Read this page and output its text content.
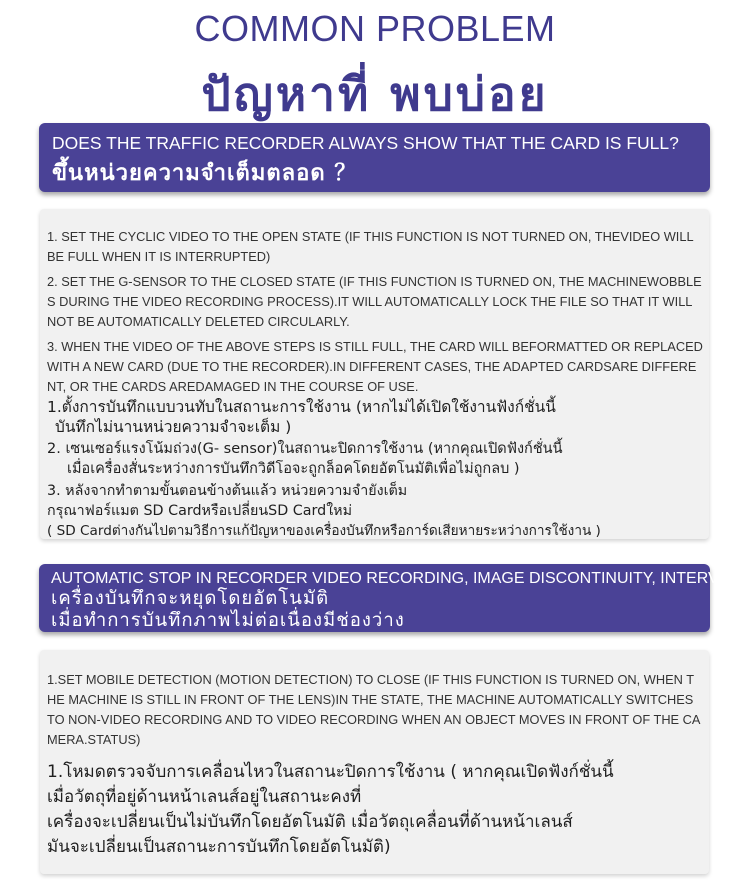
COMMON PROBLEM
ปัญหาที่ พบบ่อย
DOES THE TRAFFIC RECORDER ALWAYS SHOW THAT THE CARD IS FULL?
ขึ้นหน่วยความจำเต็มตลอด ？

1. SET THE CYCLIC VIDEO TO THE OPEN STATE (IF THIS FUNCTION IS NOT TURNED ON, THEVIDEO WILL BE FULL WHEN IT IS INTERRUPTED)

2. SET THE G-SENSOR TO THE CLOSED STATE (IF THIS FUNCTION IS TURNED ON, THE MACHINEWOBBLES DURING THE VIDEO RECORDING PROCESS).IT WILL AUTOMATICALLY LOCK THE FILE SO THAT IT WILL NOT BE AUTOMATICALLY DELETED CIRCULARLY.

3. WHEN THE VIDEO OF THE ABOVE STEPS IS STILL FULL, THE CARD WILL BEFORMATTED OR REPLACED WITH A NEW CARD (DUE TO THE RECORDER).IN DIFFERENT CASES, THE ADAPTED CARDSARE DIFFERENT, OR THE CARDS AREDAMAGED IN THE COURSE OF USE.

1.ตั้งการบันทึกแบบวนทับในสถานะการใช้งาน (หากไม่ได้เปิดใช้งานฟังก์ชั่นนี้
บันทึกไม่นานหน่วยความจำจะเต็ม )
2. เซนเซอร์แรงโน้มถ่วง(G- sensor)ในสถานะปิดการใช้งาน (หากคุณเปิดฟังก์ชั่นนี้
เมื่อเครื่องสั่นระหว่างการบันทึกวิดีโอจะถูกล็อคโดยอัตโนมัติเพื่อไม่ถูกลบ )
3. หลังจากทำตามขั้นตอนข้างต้นแล้ว หน่วยความจำยังเต็ม
กรุณาฟอร์แมต SD Cardหรือเปลี่ยนSD Cardใหม่
( SD Cardต่างกันไปตามวิธีการแก้ปัญหาของเครื่องบันทึกหรือการ์ดเสียหายระหว่างการใช้งาน )
AUTOMATIC STOP IN RECORDER VIDEO RECORDING, IMAGE DISCONTINUITY, INTERVAL
เครื่องบันทึกจะหยุดโดยอัตโนมัติ
เมื่อทำการบันทึกภาพไม่ต่อเนื่องมีช่องว่าง

1.SET MOBILE DETECTION (MOTION DETECTION) TO CLOSE (IF THIS FUNCTION IS TURNED ON, WHEN THE MACHINE IS STILL IN FRONT OF THE LENS)IN THE STATE, THE MACHINE AUTOMATICALLY SWITCHES TO NON-VIDEO RECORDING AND TO VIDEO RECORDING WHEN AN OBJECT MOVES IN FRONT OF THE CAMERA.STATUS)

1.โหมดตรวจจับการเคลื่อนไหวในสถานะปิดการใช้งาน ( หากคุณเปิดฟังก์ชั่นนี้
เมื่อวัตถุที่อยู่ด้านหน้าเลนส์อยู่ในสถานะคงที่
เครื่องจะเปลี่ยนเป็นไม่บันทึกโดยอัตโนมัติ เมื่อวัตถุเคลื่อนที่ด้านหน้าเลนส์
มันจะเปลี่ยนเป็นสถานะการบันทึกโดยอัตโนมัติ)
